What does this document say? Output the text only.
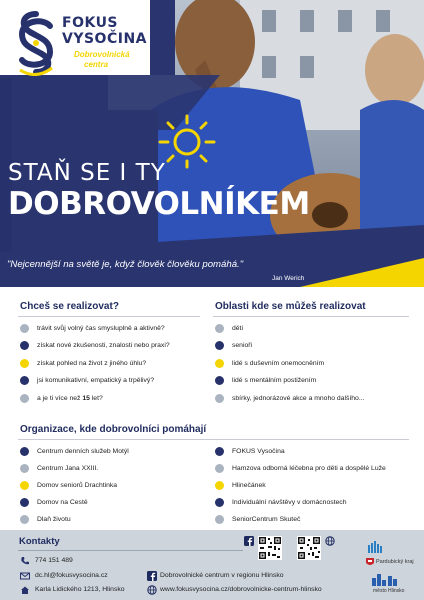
FOKUS
VYSOČINA
Dobrovolnická
centra
STAŇ SE I TY
DOBROVOLNÍKEM
"Nejcennější na světě je, když člověk člověku pomáhá."
Jan Werich
Chceš se realizovat?
trávit svůj volný čas smysluplně a aktivně?
získat nové zkušenosti, znalosti nebo praxi?
získat pohled na život z jiného úhlu?
jsi komunikativní, empatický a trpělivý?
a je ti více než 15 let?
Oblasti kde se můžeš realizovat
děti
senioři
lidé s duševním onemocněním
lidé s mentálním postižením
sbírky, jednorázové akce a mnoho dalšího...
Organizace, kde dobrovolníci pomáhají
Centrum denních služeb Motýl
Centrum Jana XXIII.
Domov seniorů Drachtinka
Domov na Cestě
Dlaň životu
FOKUS Vysočina
Hamzova odborná léčebna pro děti a dospělé Luže
Hlinečánek
Individuální návštěvy v domácnostech
SeniorCentrum Skuteč
Kontakty
774 151 489
dc.hl@fokusvysocina.cz
Karla Lidického 1213, Hlinsko
Dobrovolnické centrum v regionu Hlinsko
www.fokusvysocina.cz/dobrovolnicke-centrum-hlinsko
Pardubický kraj
město Hlinsko
